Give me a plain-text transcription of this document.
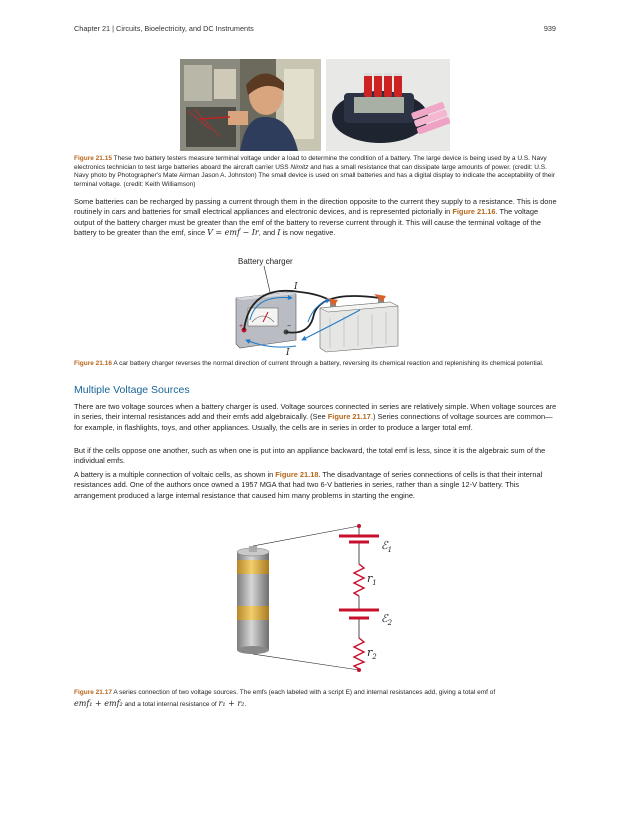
Chapter 21 | Circuits, Bioelectricity, and DC Instruments	939
Figure 21.15 These two battery testers measure terminal voltage under a load to determine the condition of a battery. The large device is being used by a U.S. Navy electronics technician to test large batteries aboard the aircraft carrier USS Nimitz and has a small resistance that can dissipate large amounts of power. (credit: U.S. Navy photo by Photographer's Mate Airman Jason A. Johnston) The small device is used on small batteries and has a digital display to indicate the acceptability of their terminal voltage. (credit: Keith Williamson)
Some batteries can be recharged by passing a current through them in the direction opposite to the current they supply to a resistance. This is done routinely in cars and batteries for small electrical appliances and electronic devices, and is represented pictorially in Figure 21.16. The voltage output of the battery charger must be greater than the emf of the battery to reverse current through it. This will cause the terminal voltage of the battery to be greater than the emf, since V = emf − Ir, and I is now negative.
Battery charger
+	−
I
I
Figure 21.16 A car battery charger reverses the normal direction of current through a battery, reversing its chemical reaction and replenishing its chemical potential.
Multiple Voltage Sources
There are two voltage sources when a battery charger is used. Voltage sources connected in series are relatively simple. When voltage sources are in series, their internal resistances add and their emfs add algebraically. (See Figure 21.17.) Series connections of voltage sources are common—for example, in flashlights, toys, and other appliances. Usually, the cells are in series in order to produce a larger total emf.
But if the cells oppose one another, such as when one is put into an appliance backward, the total emf is less, since it is the algebraic sum of the individual emfs.
A battery is a multiple connection of voltaic cells, as shown in Figure 21.18. The disadvantage of series connections of cells is that their internal resistances add. One of the authors once owned a 1957 MGA that had two 6-V batteries in series, rather than a single 12-V battery. This arrangement produced a large internal resistance that caused him many problems in starting the engine.
ℰ$_1$
$r_1$
ℰ$_2$
$r_2$
Figure 21.17 A series connection of two voltage sources. The emfs (each labeled with a script E) and internal resistances add, giving a total emf of
emf₁ + emf₂ and a total internal resistance of r₁ + r₂.
